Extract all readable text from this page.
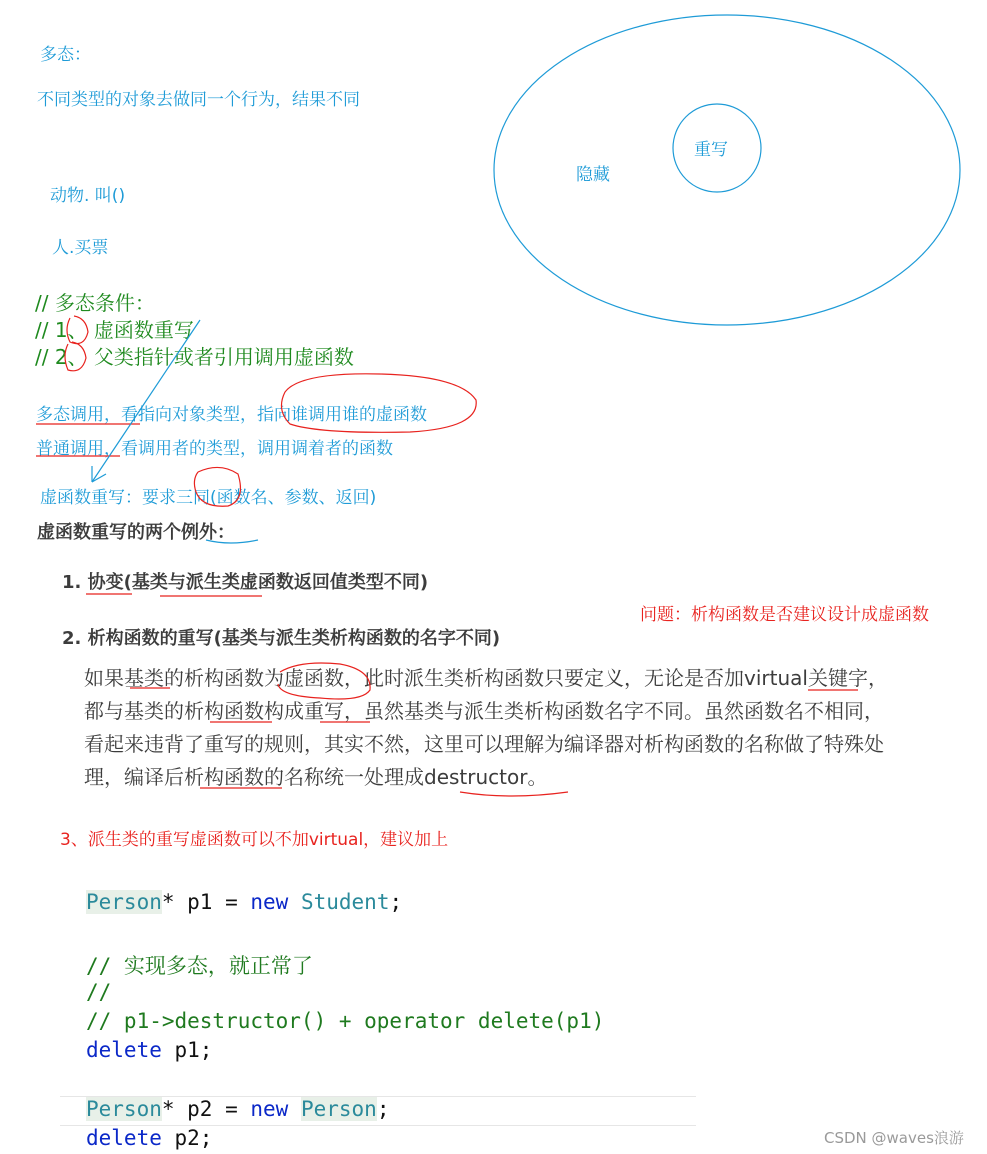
多态：
不同类型的对象去做同一个行为，结果不同
动物. 叫()
人.买票
隐藏
重写
// 多态条件：
// 1、 虚函数重写
// 2、 父类指针或者引用调用虚函数
多态调用，看指向对象类型，指向谁调用谁的虚函数
普通调用，看调用者的类型，调用调着者的函数
虚函数重写：要求三同(函数名、参数、返回)
虚函数重写的两个例外：
1. 协变(基类与派生类虚函数返回值类型不同)
2. 析构函数的重写(基类与派生类析构函数的名字不同)
问题：析构函数是否建议设计成虚函数
如果基类的析构函数为虚函数，此时派生类析构函数只要定义，无论是否加virtual关键字，
都与基类的析构函数构成重写，虽然基类与派生类析构函数名字不同。虽然函数名不相同，
看起来违背了重写的规则，其实不然，这里可以理解为编译器对析构函数的名称做了特殊处
理，编译后析构函数的名称统一处理成destructor。
3、派生类的重写虚函数可以不加virtual，建议加上
Person* p1 = new Student;
// 实现多态，就正常了
//
// p1->destructor() + operator delete(p1)
delete p1;
Person* p2 = new Person;
delete p2;	CSDN @waves浪游
